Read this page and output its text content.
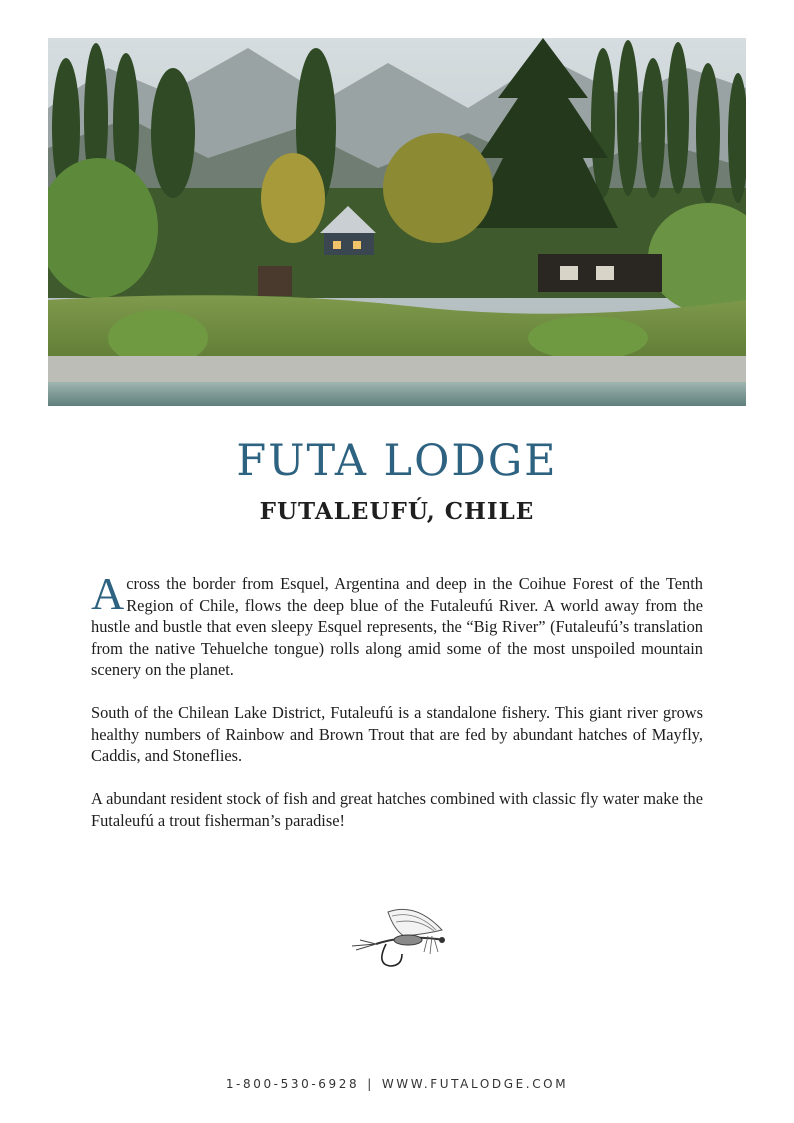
FUTA LODGE
FUTALEUFÚ, CHILE

Across the border from Esquel, Argentina and deep in the Coihue Forest of the Tenth Region of Chile, flows the deep blue of the Futaleufú River. A world away from the hustle and bustle that even sleepy Esquel represents, the “Big River” (Futaleufú’s translation from the native Tehuelche tongue) rolls along amid some of the most unspoiled mountain scenery on the planet.

South of the Chilean Lake District, Futaleufú is a standalone fishery. This giant river grows healthy numbers of Rainbow and Brown Trout that are fed by abundant hatches of Mayfly, Caddis, and Stoneflies.

A abundant resident stock of fish and great hatches combined with classic fly water make the Futaleufú a trout fisherman’s paradise!

1-800-530-6928 | WWW.FUTALODGE.COM
